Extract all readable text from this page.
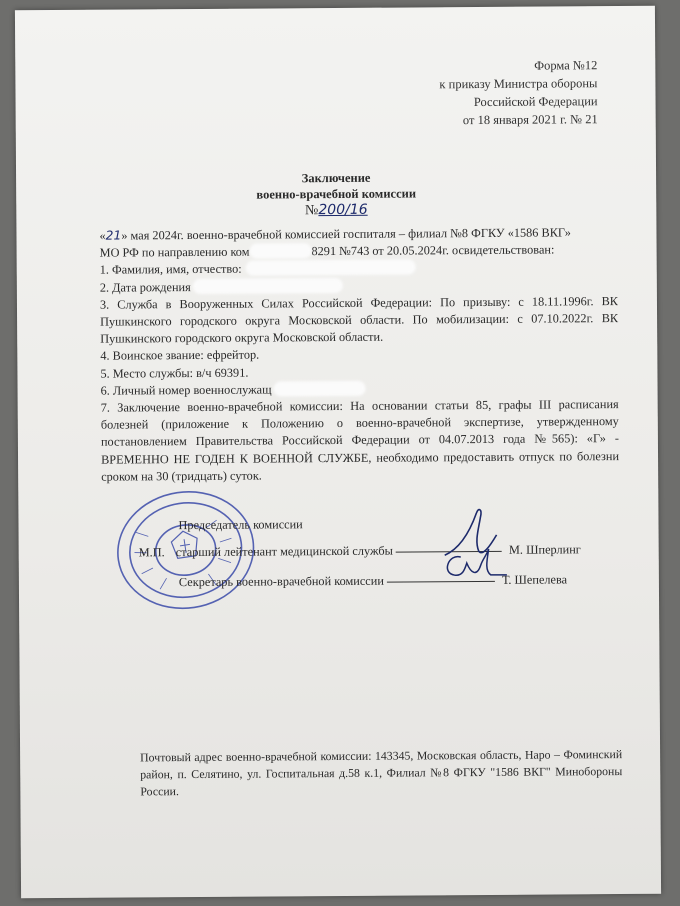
Форма №12
к приказу Министра обороны
Российской Федерации
от 18 января 2021 г. № 21
Заключение
военно-врачебной комиссии
№200/16

«21» мая 2024г. военно-врачебной комиссией госпиталя – филиал №8 ФГКУ «1586 ВКГ»
МО РФ по направлению ком	8291 №743 от 20.05.2024г. освидетельствован:

1. Фамилия, имя, отчество:

2. Дата рождения

3. Служба в Вооруженных Силах Российской Федерации: По призыву: с 18.11.1996г. ВК Пушкинского городского округа Московской области. По мобилизации: с 07.10.2022г. ВК Пушкинского городского округа Московской области.

4. Воинское звание: ефрейтор.

5. Место службы: в/ч 69391.

6. Личный номер военнослужащ

7. Заключение военно-врачебной комиссии: На основании статьи 85, графы III расписания болезней (приложение к Положению о военно-врачебной экспертизе, утвержденному постановлением Правительства Российской Федерации от 04.07.2013 года №565): «Г» - ВРЕМЕННО НЕ ГОДЕН К ВОЕННОЙ СЛУЖБЕ, необходимо предоставить отпуск по болезни сроком на 30 (тридцать) суток.

Председатель комиссии
М.П. старший лейтенант медицинской службы	М. Шперлинг
Секретарь военно-врачебной комиссии	Т. Шепелева
Почтовый адрес военно-врачебной комиссии: 143345, Московская область, Наро – Фоминский район, п. Селятино, ул. Госпитальная д.58 к.1, Филиал №8 ФГКУ "1586 ВКГ" Минобороны России.
